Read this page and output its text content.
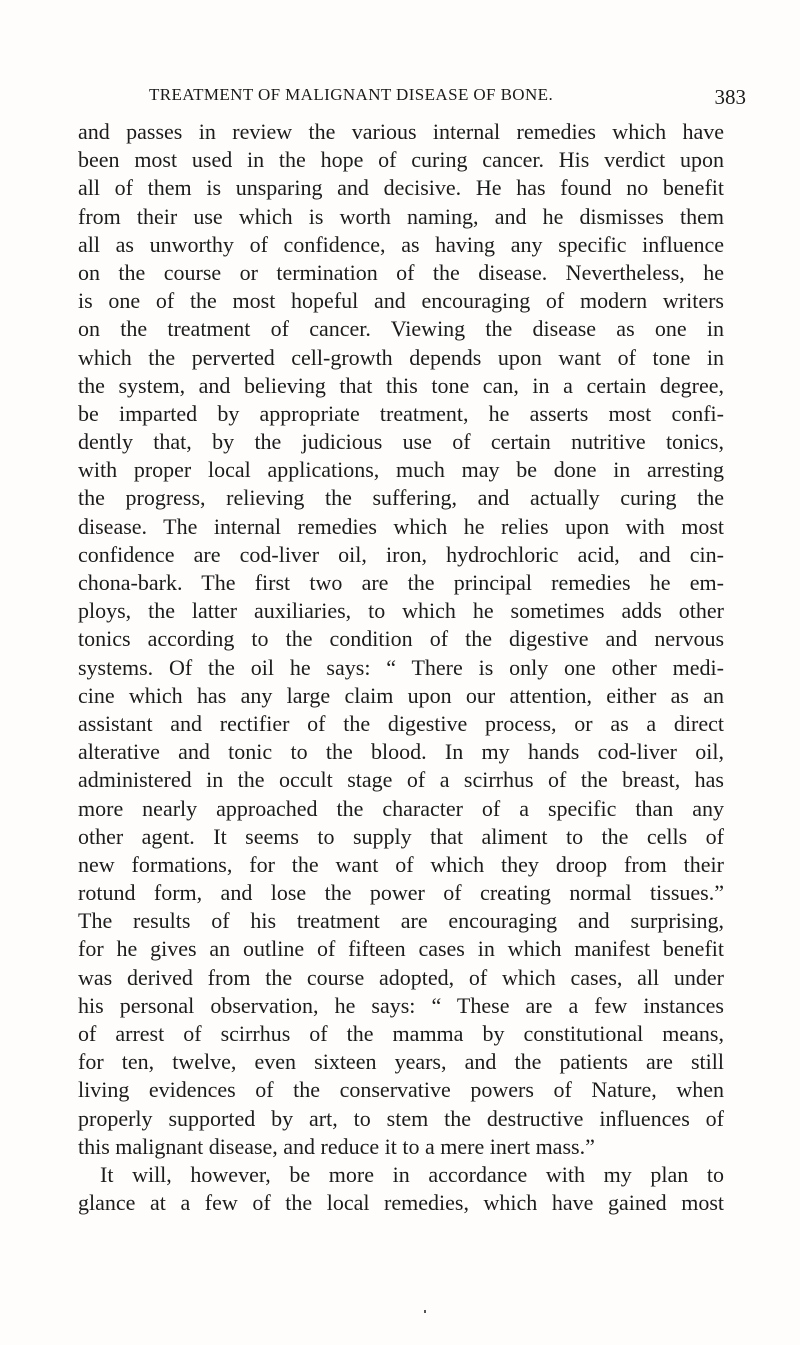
TREATMENT OF MALIGNANT DISEASE OF BONE.	383
and passes in review the various internal remedies which have
been most used in the hope of curing cancer. His verdict upon
all of them is unsparing and decisive. He has found no benefit
from their use which is worth naming, and he dismisses them
all as unworthy of confidence, as having any specific influence
on the course or termination of the disease. Nevertheless, he
is one of the most hopeful and encouraging of modern writers
on the treatment of cancer. Viewing the disease as one in
which the perverted cell-growth depends upon want of tone in
the system, and believing that this tone can, in a certain degree,
be imparted by appropriate treatment, he asserts most confi-
dently that, by the judicious use of certain nutritive tonics,
with proper local applications, much may be done in arresting
the progress, relieving the suffering, and actually curing the
disease. The internal remedies which he relies upon with most
confidence are cod-liver oil, iron, hydrochloric acid, and cin-
chona-bark. The first two are the principal remedies he em-
ploys, the latter auxiliaries, to which he sometimes adds other
tonics according to the condition of the digestive and nervous
systems. Of the oil he says: “ There is only one other medi-
cine which has any large claim upon our attention, either as an
assistant and rectifier of the digestive process, or as a direct
alterative and tonic to the blood. In my hands cod-liver oil,
administered in the occult stage of a scirrhus of the breast, has
more nearly approached the character of a specific than any
other agent. It seems to supply that aliment to the cells of
new formations, for the want of which they droop from their
rotund form, and lose the power of creating normal tissues.”
The results of his treatment are encouraging and surprising,
for he gives an outline of fifteen cases in which manifest benefit
was derived from the course adopted, of which cases, all under
his personal observation, he says: “ These are a few instances
of arrest of scirrhus of the mamma by constitutional means,
for ten, twelve, even sixteen years, and the patients are still
living evidences of the conservative powers of Nature, when
properly supported by art, to stem the destructive influences of
this malignant disease, and reduce it to a mere inert mass.”
It will, however, be more in accordance with my plan to
glance at a few of the local remedies, which have gained most
